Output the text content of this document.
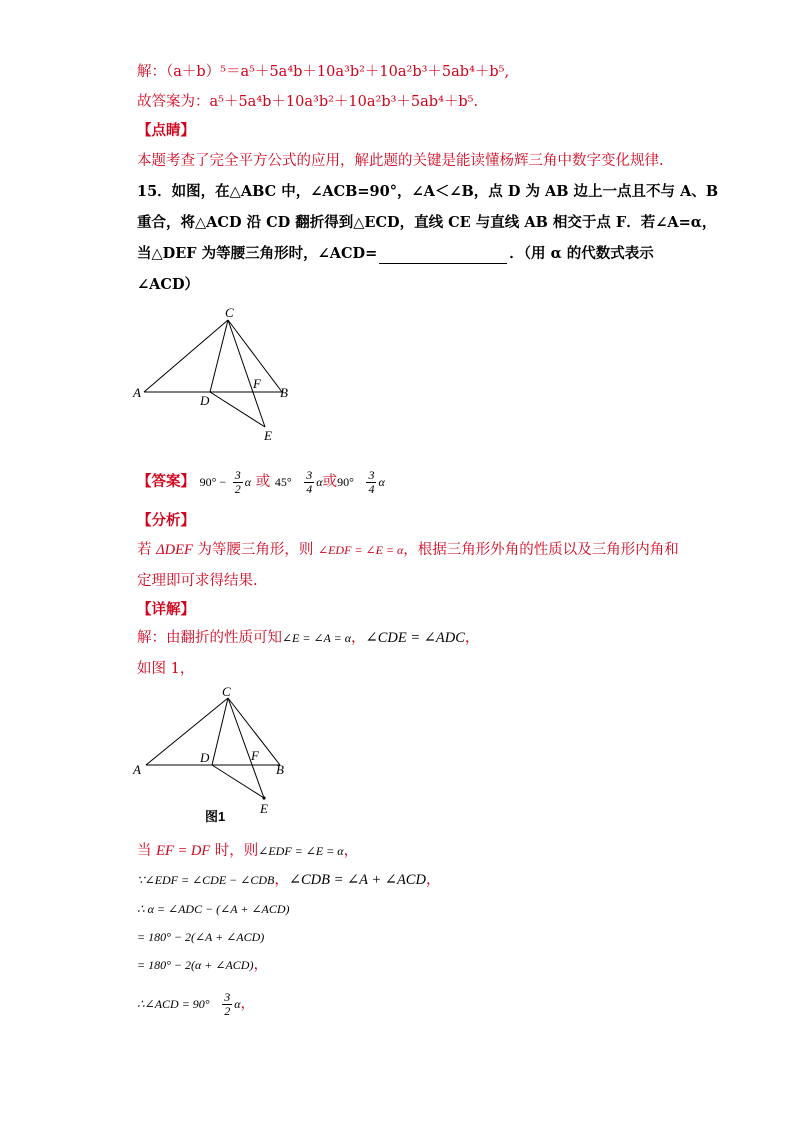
解：（a＋b）⁵＝a⁵＋5a⁴b＋10a³b²＋10a²b³＋5ab⁴＋b⁵,
故答案为：a⁵＋5a⁴b＋10a³b²＋10a²b³＋5ab⁴＋b⁵.
【点睛】
本题考查了完全平方公式的应用，解此题的关键是能读懂杨辉三角中数字变化规律.
15．如图，在△ABC 中，∠ACB=90°，∠A＜∠B，点 D 为 AB 边上一点且不与 A、B
重合，将△ACD 沿 CD 翻折得到△ECD，直线 CE 与直线 AB 相交于点 F．若∠A=α，
当△DEF 为等腰三角形时，∠ACD=	．（用 α 的代数式表示
∠ACD）
C
A	B
D
F
E
【答案】 $90^\circ - \frac{3}{2}$ α 或 $45^\circ \frac{3}{4}$ α或$90^\circ \frac{3}{4}$ α
【分析】
若 ΔDEF 为等腰三角形，则 ∠EDF = ∠E = α，根据三角形外角的性质以及三角形内角和
定理即可求得结果.
【详解】
解：由翻折的性质可知∠E = ∠A = α，∠CDE = ∠ADC，
如图 1，
C
A	B
D	F
E
图1
当 EF = DF 时，则∠EDF = ∠E = α，
∵∠EDF = ∠CDE − ∠CDB，∠CDB = ∠A + ∠ACD，
∴ α = ∠ADC − (∠A + ∠ACD)
= 180° − 2(∠A + ∠ACD)
= 180° − 2(α + ∠ACD)，
∴∠ACD = $90^\circ \frac{3}{2}$ α，
